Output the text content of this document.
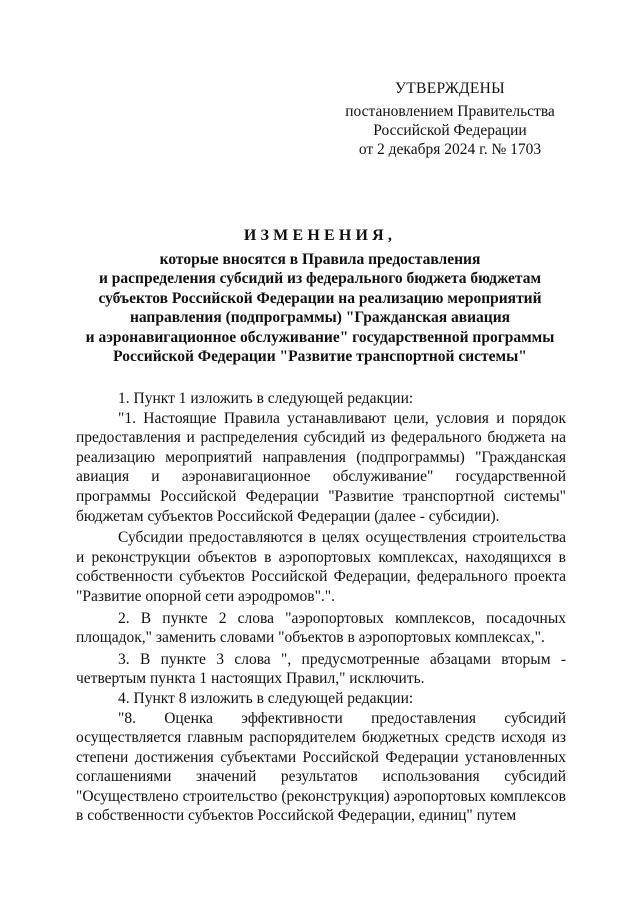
УТВЕРЖДЕНЫ
постановлением Правительства
Российской Федерации
от 2 декабря 2024 г. № 1703
ИЗМЕНЕНИЯ,
которые вносятся в Правила предоставления
и распределения субсидий из федерального бюджета бюджетам
субъектов Российской Федерации на реализацию мероприятий
направления (подпрограммы) "Гражданская авиация
и аэронавигационное обслуживание" государственной программы
Российской Федерации "Развитие транспортной системы"

1. Пункт 1 изложить в следующей редакции:

"1. Настоящие Правила устанавливают цели, условия и порядок предоставления и распределения субсидий из федерального бюджета на реализацию мероприятий направления (подпрограммы) "Гражданская авиация и аэронавигационное обслуживание" государственной программы Российской Федерации "Развитие транспортной системы" бюджетам субъектов Российской Федерации (далее - субсидии).

Субсидии предоставляются в целях осуществления строительства и реконструкции объектов в аэропортовых комплексах, находящихся в собственности субъектов Российской Федерации, федерального проекта "Развитие опорной сети аэродромов".".

2. В пункте 2 слова "аэропортовых комплексов, посадочных площадок," заменить словами "объектов в аэропортовых комплексах,".

3. В пункте 3 слова ", предусмотренные абзацами вторым - четвертым пункта 1 настоящих Правил," исключить.

4. Пункт 8 изложить в следующей редакции:

"8. Оценка эффективности предоставления субсидий осуществляется главным распорядителем бюджетных средств исходя из степени достижения субъектами Российской Федерации установленных соглашениями значений результатов использования субсидий "Осуществлено строительство (реконструкция) аэропортовых комплексов в собственности субъектов Российской Федерации, единиц" путем
